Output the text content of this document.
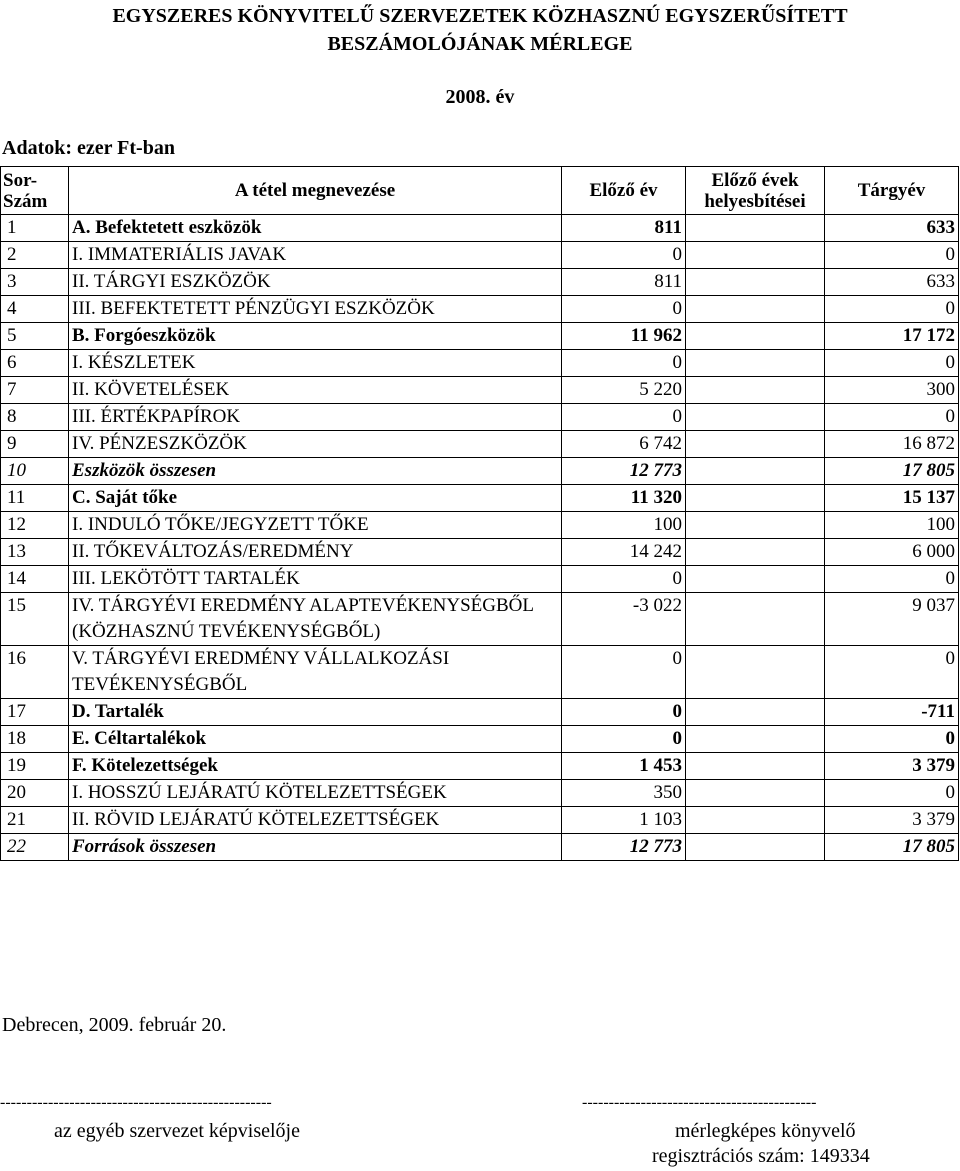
EGYSZERES KÖNYVITELŰ SZERVEZETEK KÖZHASZNÚ EGYSZERŰSÍTETT
BESZÁMOLÓJÁNAK MÉRLEGE
2008. év
Adatok: ezer Ft-ban
Sor-
Szám	A tétel megnevezése	Előző év	Előző évek helyesbítései	Tárgyév
1	A. Befektetett eszközök	811		633
2	I. IMMATERIÁLIS JAVAK	0		0
3	II. TÁRGYI ESZKÖZÖK	811		633
4	III. BEFEKTETETT PÉNZÜGYI ESZKÖZÖK	0		0
5	B. Forgóeszközök	11 962		17 172
6	I. KÉSZLETEK	0		0
7	II. KÖVETELÉSEK	5 220		300
8	III. ÉRTÉKPAPÍROK	0		0
9	IV. PÉNZESZKÖZÖK	6 742		16 872
10	Eszközök összesen	12 773		17 805
11	C. Saját tőke	11 320		15 137
12	I. INDULÓ TŐKE/JEGYZETT TŐKE	100		100
13	II. TŐKEVÁLTOZÁS/EREDMÉNY	14 242		6 000
14	III. LEKÖTÖTT TARTALÉK	0		0
15	IV. TÁRGYÉVI EREDMÉNY ALAPTEVÉKENYSÉGBŐL (KÖZHASZNÚ TEVÉKENYSÉGBŐL)	-3 022		9 037
16	V. TÁRGYÉVI EREDMÉNY VÁLLALKOZÁSI TEVÉKENYSÉGBŐL	0		0
17	D. Tartalék	0		-711
18	E. Céltartalékok	0		0
19	F. Kötelezettségek	1 453		3 379
20	I. HOSSZÚ LEJÁRATÚ KÖTELEZETTSÉGEK	350		0
21	II. RÖVID LEJÁRATÚ KÖTELEZETTSÉGEK	1 103		3 379
22	Források összesen	12 773		17 805
Debrecen, 2009. február 20.
---------------------------------------------------	--------------------------------------------
az egyéb szervezet képviselője	mérlegképes könyvelő
regisztrációs szám: 149334
